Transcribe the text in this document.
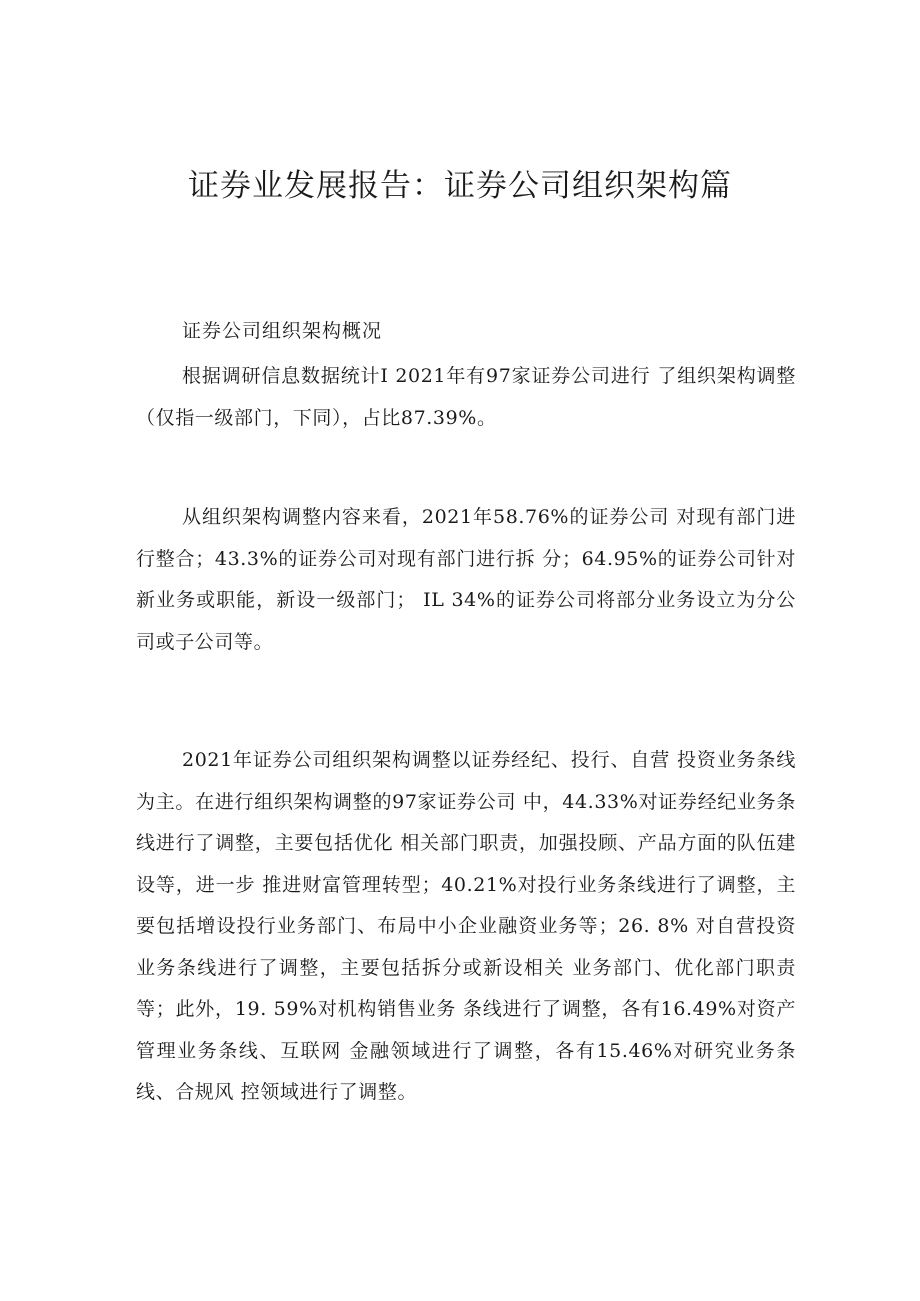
证券业发展报告：证券公司组织架构篇
证券公司组织架构概况

根据调研信息数据统计I 2021年有97家证券公司进行 了组织架构调整（仅指一级部门，下同），占比87.39%。

从组织架构调整内容来看，2021年58.76%的证券公司 对现有部门进行整合；43.3%的证券公司对现有部门进行拆 分；64.95%的证券公司针对新业务或职能，新设一级部门； IL 34%的证券公司将部分业务设立为分公司或子公司等。

2021年证券公司组织架构调整以证券经纪、投行、自营 投资业务条线为主。在进行组织架构调整的97家证券公司 中，44.33%对证券经纪业务条线进行了调整，主要包括优化 相关部门职责，加强投顾、产品方面的队伍建设等，进一步 推进财富管理转型；40.21%对投行业务条线进行了调整，主 要包括增设投行业务部门、布局中小企业融资业务等；26. 8% 对自营投资业务条线进行了调整，主要包括拆分或新设相关 业务部门、优化部门职责等；此外，19. 59%对机构销售业务 条线进行了调整，各有16.49%对资产管理业务条线、互联网 金融领域进行了调整，各有15.46%对研究业务条线、合规风 控领域进行了调整。
